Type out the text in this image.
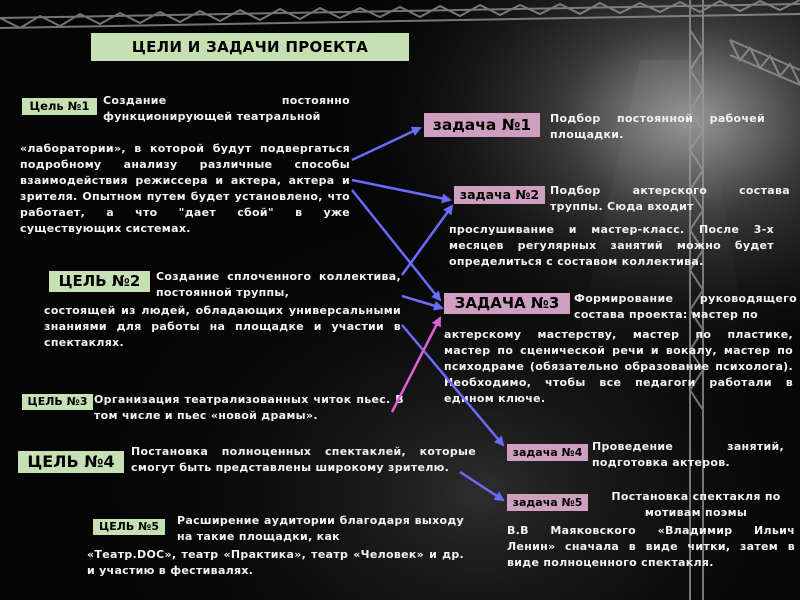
ЦЕЛИ И ЗАДАЧИ ПРОЕКТА
Цель №1	Создание постоянно функционирующей театральной
«лаборатории», в которой будут подвергаться подробному анализу различные способы взаимодействия режиссера и актера, актера и зрителя. Опытном путем будет установлено, что работает, а что "дает сбой" в уже существующих системах.
ЦЕЛЬ №2	Создание сплоченного коллектива, постоянной труппы,
состоящей из людей, обладающих универсальными знаниями для работы на площадке и участии в спектаклях.
ЦЕЛЬ №3 Организация театрализованных читок пьес. В том числе и пьес «новой драмы».
ЦЕЛЬ №4
Постановка полноценных спектаклей, которые смогут быть представлены широкому зрителю.
ЦЕЛЬ №5	Расширение аудитории благодаря выходу на такие площадки, как
«Театр.DOC», театр «Практика», театр «Человек» и др. и участию в фестивалях.
задача №1	Подбор постоянной рабочей площадки.
задача №2 Подбор актерского состава труппы. Сюда входит
прослушивание и мастер-класс. После 3-х месяцев регулярных занятий можно будет определиться с составом коллектива.
ЗАДАЧА №3	Формирование руководящего состава проекта: мастер по
актерскому мастерству, мастер по пластике, мастер по сценической речи и вокалу, мастер по психодраме (обязательно образование психолога). Необходимо, чтобы все педагоги работали в едином ключе.
задача №4 Проведение занятий, подготовка актеров.
задача №5	Постановка спектакля по мотивам поэмы
В.В Маяковского «Владимир Ильич Ленин» сначала в виде читки, затем в виде полноценного спектакля.
